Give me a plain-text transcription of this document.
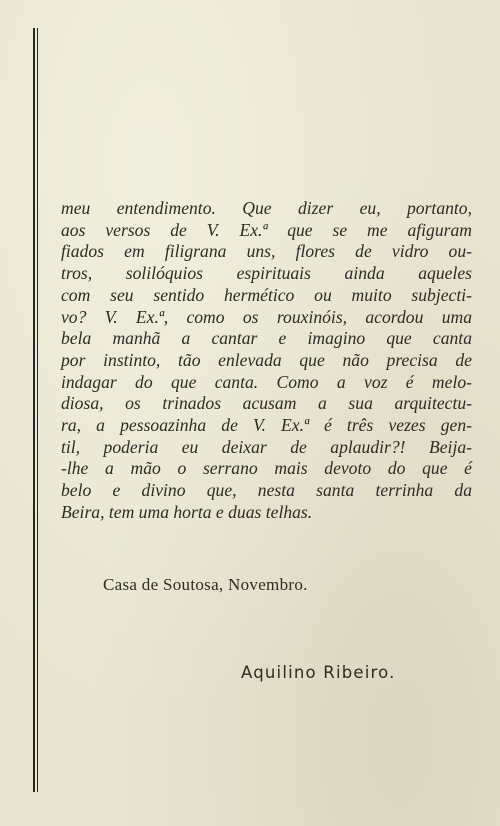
meu entendimento. Que dizer eu, portanto,
aos versos de V. Ex.ª que se me afiguram
fiados em filigrana uns, flores de vidro ou-
tros, solilóquios espirituais ainda aqueles
com seu sentido hermético ou muito subjecti-
vo? V. Ex.ª, como os rouxinóis, acordou uma
bela manhã a cantar e imagino que canta
por instinto, tão enlevada que não precisa de
indagar do que canta. Como a voz é melo-
diosa, os trinados acusam a sua arquitectu-
ra, a pessoazinha de V. Ex.ª é três vezes gen-
til, poderia eu deixar de aplaudir?! Beija-
-lhe a mão o serrano mais devoto do que é
belo e divino que, nesta santa terrinha da
Beira, tem uma horta e duas telhas.

Casa de Soutosa, Novembro.

Aquilino Ribeiro.
